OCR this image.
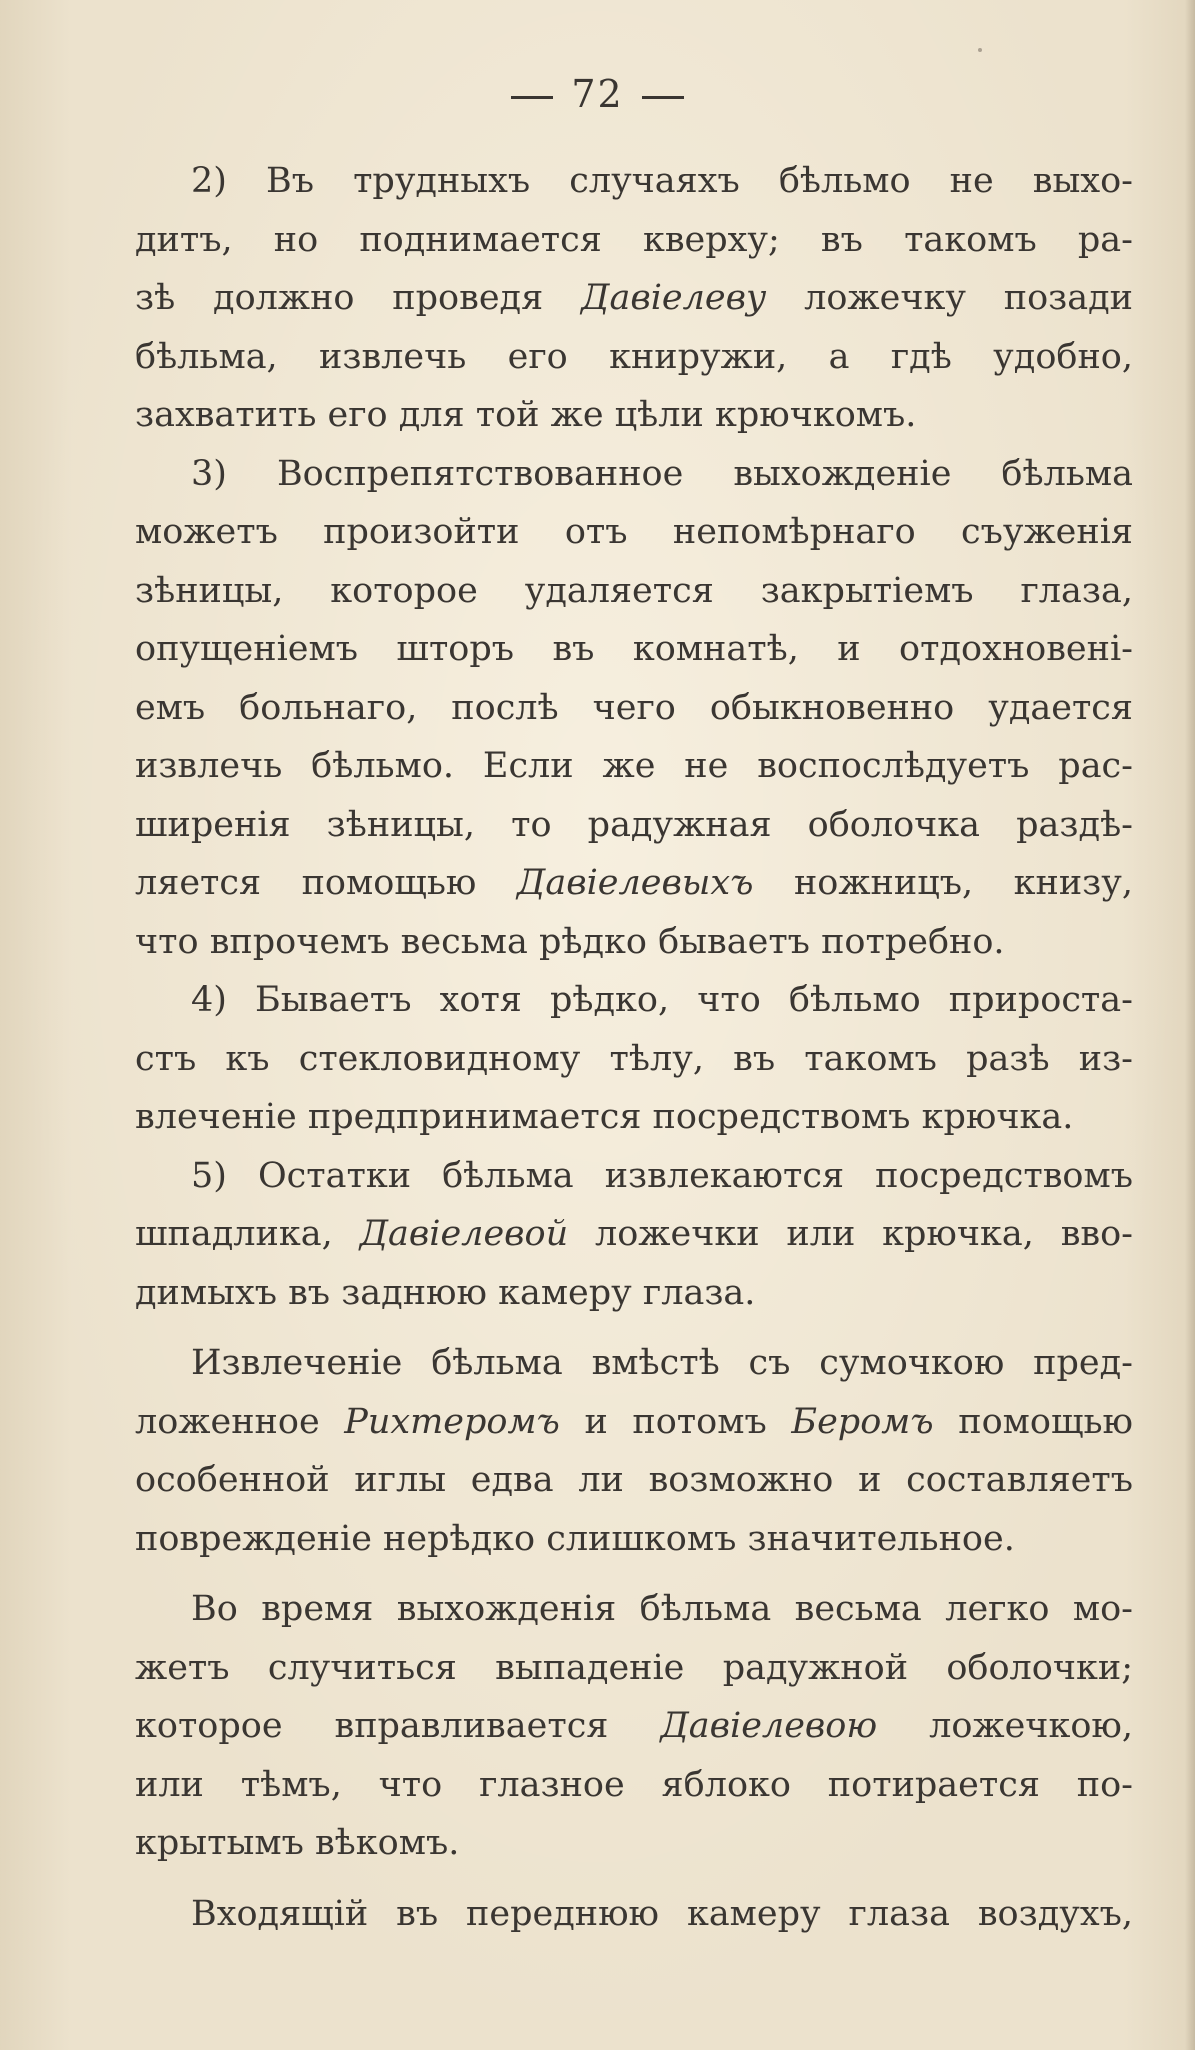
72
2) Въ трудныхъ случаяхъ бѣльмо не выхо-
дитъ, но поднимается кверху; въ такомъ ра-
зѣ должно проведя Давіелеву ложечку позади
бѣльма, извлечь его книружи, а гдѣ удобно,
захватить его для той же цѣли крючкомъ.
3) Воспрепятствованное выхожденіе бѣльма
можетъ произойти отъ непомѣрнаго съуженія
зѣницы, которое удаляется закрытіемъ глаза,
опущеніемъ шторъ въ комнатѣ, и отдохновені-
емъ больнаго, послѣ чего обыкновенно удается
извлечь бѣльмо. Если же не воспослѣдуетъ рас-
ширенія зѣницы, то радужная оболочка раздѣ-
ляется помощью Давіелевыхъ ножницъ, книзу,
что впрочемъ весьма рѣдко бываетъ потребно.
4) Бываетъ хотя рѣдко, что бѣльмо прироста-
стъ къ стекловидному тѣлу, въ такомъ разѣ из-
влеченіе предпринимается посредствомъ крючка.
5) Остатки бѣльма извлекаются посредствомъ
шпадлика, Давіелевой ложечки или крючка, вво-
димыхъ въ заднюю камеру глаза.
Извлеченіе бѣльма вмѣстѣ съ сумочкою пред-
ложенное Рихтеромъ и потомъ Беромъ помощью
особенной иглы едва ли возможно и составляетъ
поврежденіе нерѣдко слишкомъ значительное.
Во время выхожденія бѣльма весьма легко мо-
жетъ случиться выпаденіе радужной оболочки;
которое вправливается Давіелевою ложечкою,
или тѣмъ, что глазное яблоко потирается по-
крытымъ вѣкомъ.
Входящій въ переднюю камеру глаза воздухъ,
